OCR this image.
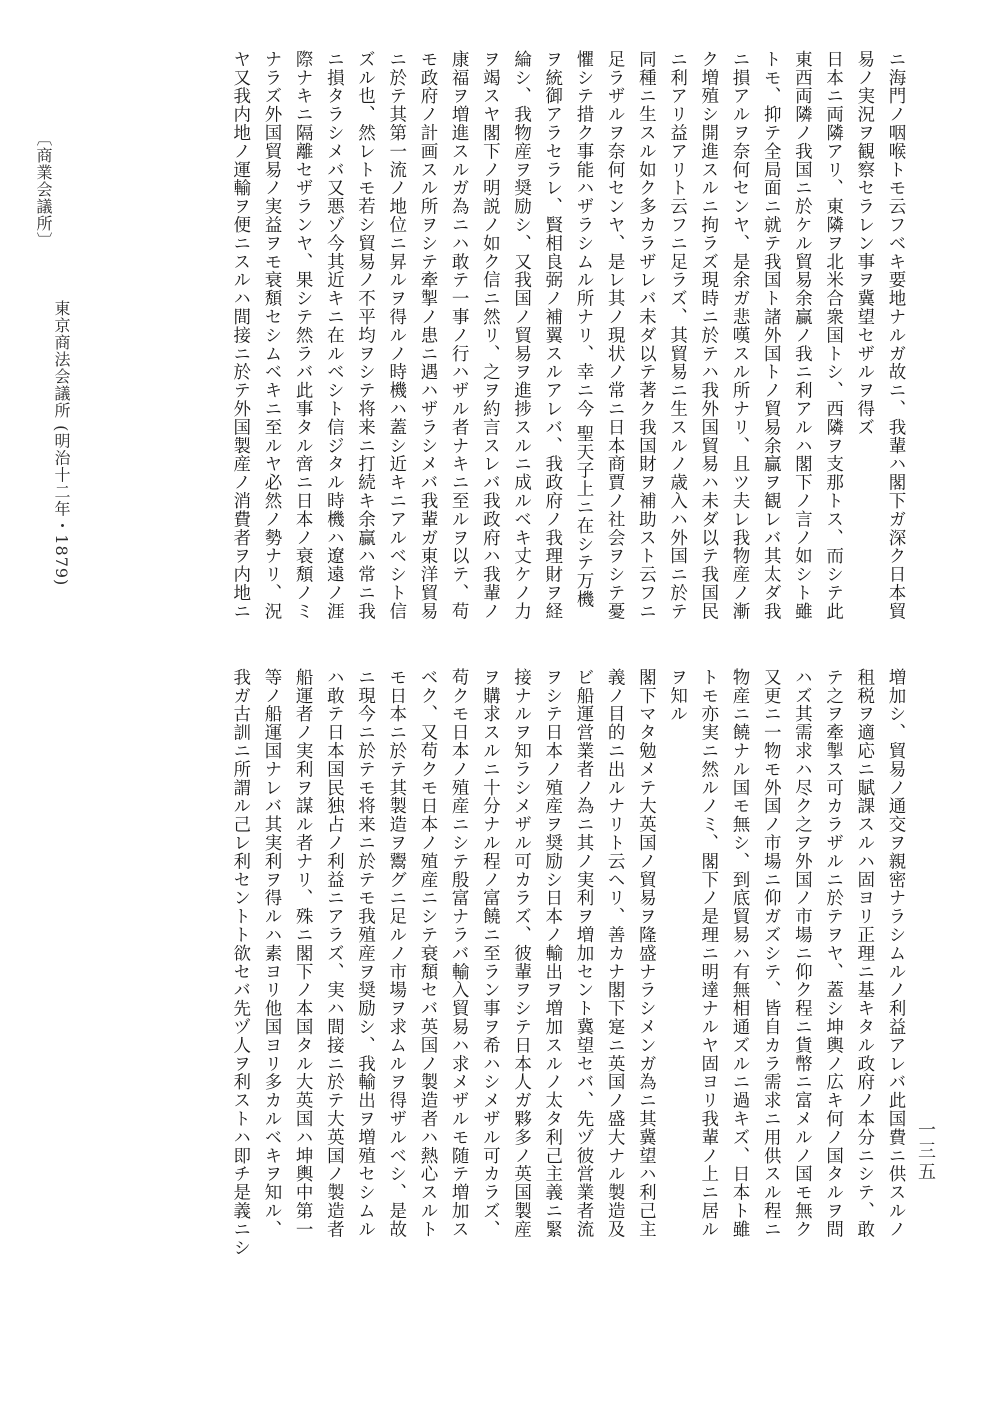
ニ海門ノ咽喉トモ云フベキ要地ナルガ故ニ、我輩ハ閣下ガ深ク日本貿
易ノ実況ヲ観察セラレン事ヲ冀望セザルヲ得ズ
日本ニ両隣アリ、東隣ヲ北米合衆国トシ、西隣ヲ支那トス、而シテ此
東西両隣ノ我国ニ於ケル貿易余贏ノ我ニ利アルハ閣下ノ言ノ如シト雖
トモ、抑テ全局面ニ就テ我国ト諸外国トノ貿易余贏ヲ観レバ其太ダ我
ニ損アルヲ奈何センヤ、是余ガ悲嘆スル所ナリ、且ツ夫レ我物産ノ漸
ク増殖シ開進スルニ拘ラズ現時ニ於テハ我外国貿易ハ未ダ以テ我国民
ニ利アリ益アリト云フニ足ラズ、其貿易ニ生スルノ歳入ハ外国ニ於テ
同種ニ生スル如ク多カラザレバ未ダ以テ著ク我国財ヲ補助スト云フニ
足ラザルヲ奈何センヤ、是レ其ノ現状ノ常ニ日本商賈ノ社会ヲシテ憂
懼シテ措ク事能ハザラシムル所ナリ、幸ニ今 聖天子上ニ在シテ万機
ヲ統御アラセラレ、賢相良弼ノ補翼スルアレバ、我政府ノ我理財ヲ経
綸シ、我物産ヲ奨励シ、又我国ノ貿易ヲ進捗スルニ成ルベキ丈ケノ力
ヲ竭スヤ閣下ノ明説ノ如ク信ニ然リ、之ヲ約言スレバ我政府ハ我輩ノ
康福ヲ増進スルガ為ニハ敢テ一事ノ行ハザル者ナキニ至ルヲ以テ、苟
モ政府ノ計画スル所ヲシテ牽掣ノ患ニ遇ハザラシメバ我輩ガ東洋貿易
ニ於テ其第一流ノ地位ニ昇ルヲ得ルノ時機ハ蓋シ近キニアルベシト信
ズル也、然レトモ若シ貿易ノ不平均ヲシテ将来ニ打続キ余贏ハ常ニ我
ニ損タラシメバ又悪ゾ今其近キニ在ルベシト信ジタル時機ハ遼遠ノ涯
際ナキニ隔離セザランヤ、果シテ然ラバ此事タル啻ニ日本ノ衰頽ノミ
ナラズ外国貿易ノ実益ヲモ衰頽セシムベキニ至ルヤ必然ノ勢ナリ、況
ヤ又我内地ノ運輸ヲ便ニスルハ間接ニ於テ外国製産ノ消費者ヲ内地ニ
増加シ、貿易ノ通交ヲ親密ナラシムルノ利益アレバ此国費ニ供スルノ
租税ヲ適応ニ賦課スルハ固ヨリ正理ニ基キタル政府ノ本分ニシテ、敢
テ之ヲ牽掣ス可カラザルニ於テヲヤ、蓋シ坤輿ノ広キ何ノ国タルヲ問
ハズ其需求ハ尽ク之ヲ外国ノ市場ニ仰ク程ニ貨幣ニ富メルノ国モ無ク
又更ニ一物モ外国ノ市場ニ仰ガズシテ、皆自カラ需求ニ用供スル程ニ
物産ニ饒ナル国モ無シ、到底貿易ハ有無相通ズルニ過キズ、日本ト雖
トモ亦実ニ然ルノミ、閣下ノ是理ニ明達ナルヤ固ヨリ我輩ノ上ニ居ル
ヲ知ル
閣下マタ勉メテ大英国ノ貿易ヲ隆盛ナラシメンガ為ニ其冀望ハ利己主
義ノ目的ニ出ルナリト云ヘリ、善カナ閣下寔ニ英国ノ盛大ナル製造及
ビ船運営業者ノ為ニ其ノ実利ヲ増加セント冀望セバ、先ヅ彼営業者流
ヲシテ日本ノ殖産ヲ奨励シ日本ノ輸出ヲ増加スルノ太タ利己主義ニ緊
接ナルヲ知ラシメザル可カラズ、彼輩ヲシテ日本人ガ夥多ノ英国製産
ヲ購求スルニ十分ナル程ノ富饒ニ至ラン事ヲ希ハシメザル可カラズ、
苟クモ日本ノ殖産ニシテ殷富ナラバ輸入貿易ハ求メザルモ随テ増加ス
ベク、又苟クモ日本ノ殖産ニシテ衰頽セバ英国ノ製造者ハ熱心スルト
モ日本ニ於テ其製造ヲ鬻グニ足ルノ市場ヲ求ムルヲ得ザルベシ、是故
ニ現今ニ於テモ将来ニ於テモ我殖産ヲ奨励シ、我輸出ヲ増殖セシムル
ハ敢テ日本国民独占ノ利益ニアラズ、実ハ間接ニ於テ大英国ノ製造者
船運者ノ実利ヲ謀ル者ナリ、殊ニ閣下ノ本国タル大英国ハ坤輿中第一
等ノ船運国ナレバ其実利ヲ得ルハ素ヨリ他国ヨリ多カルベキヲ知ル、
我ガ古訓ニ所謂ル己レ利セントト欲セバ先ヅ人ヲ利ストハ即チ是義ニシ
〔商業会議所〕
東京商法会議所 (明治十二年・1879)
一三五
